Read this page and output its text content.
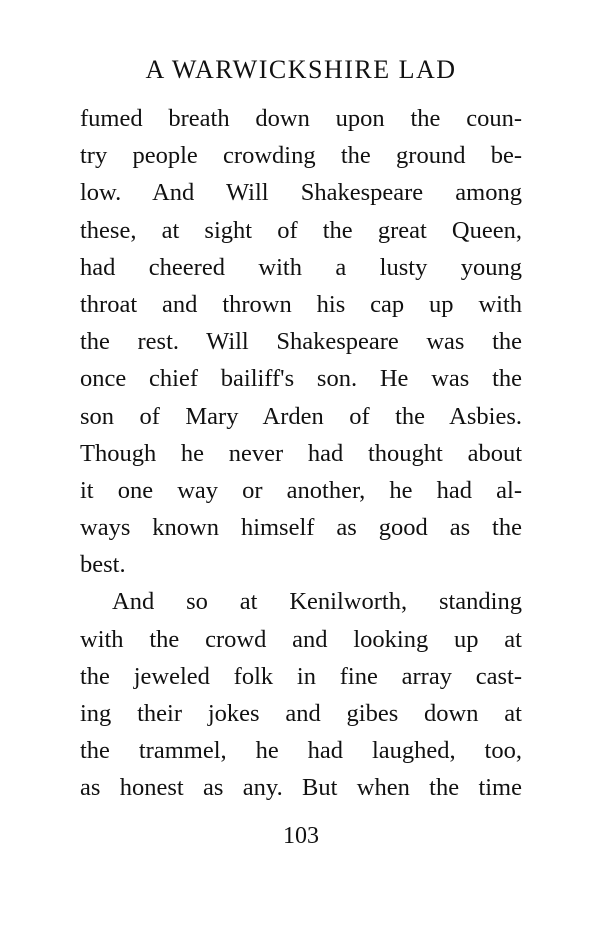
A WARWICKSHIRE LAD
fumed breath down upon the coun-
try people crowding the ground be-
low. And Will Shakespeare among
these, at sight of the great Queen,
had cheered with a lusty young
throat and thrown his cap up with
the rest. Will Shakespeare was the
once chief bailiff's son. He was the
son of Mary Arden of the Asbies.
Though he never had thought about
it one way or another, he had al-
ways known himself as good as the
best.
And so at Kenilworth, standing
with the crowd and looking up at
the jeweled folk in fine array cast-
ing their jokes and gibes down at
the trammel, he had laughed, too,
as honest as any. But when the time
103
